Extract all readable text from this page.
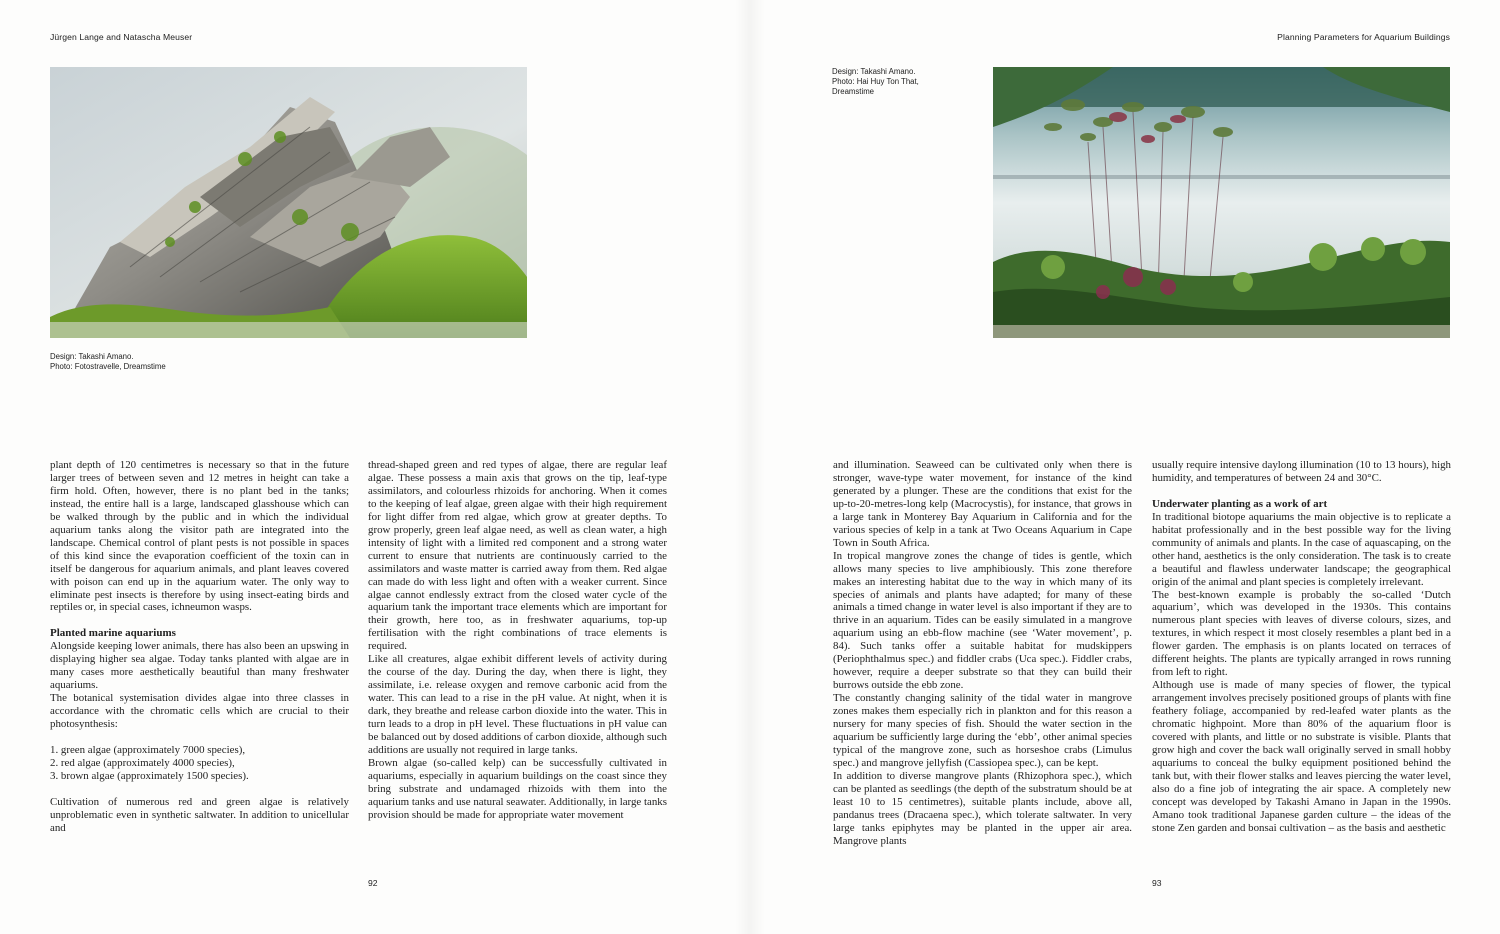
Jürgen Lange and Natascha Meuser
Design: Takashi Amano.
Photo: Fotostravelle, Dreamstime

plant depth of 120 centimetres is necessary so that in the future larger trees of between seven and 12 metres in height can take a firm hold. Often, however, there is no plant bed in the tanks; instead, the entire hall is a large, landscaped glasshouse which can be walked through by the public and in which the individual aquarium tanks along the visitor path are integrated into the landscape. Chemical control of plant pests is not possible in spaces of this kind since the evaporation coefficient of the toxin can in itself be dangerous for aquarium animals, and plant leaves covered with poison can end up in the aquarium water. The only way to eliminate pest insects is therefore by using insect-eating birds and reptiles or, in special cases, ichneumon wasps.

Planted marine aquariums

Alongside keeping lower animals, there has also been an upswing in displaying higher sea algae. Today tanks planted with algae are in many cases more aesthetically beautiful than many freshwater aquariums.

The botanical systemisation divides algae into three classes in accordance with the chromatic cells which are crucial to their photosynthesis:

1. green algae (approximately 7000 species),
2. red algae (approximately 4000 species),
3. brown algae (approximately 1500 species).

Cultivation of numerous red and green algae is relatively unproblematic even in synthetic saltwater. In addition to unicellular and

thread-shaped green and red types of algae, there are regular leaf algae. These possess a main axis that grows on the tip, leaf-type assimilators, and colourless rhizoids for anchoring. When it comes to the keeping of leaf algae, green algae with their high requirement for light differ from red algae, which grow at greater depths. To grow properly, green leaf algae need, as well as clean water, a high intensity of light with a limited red component and a strong water current to ensure that nutrients are continuously carried to the assimilators and waste matter is carried away from them. Red algae can made do with less light and often with a weaker current. Since algae cannot endlessly extract from the closed water cycle of the aquarium tank the important trace elements which are important for their growth, here too, as in freshwater aquariums, top-up fertilisation with the right combinations of trace elements is required.

Like all creatures, algae exhibit different levels of activity during the course of the day. During the day, when there is light, they assimilate, i.e. release oxygen and remove carbonic acid from the water. This can lead to a rise in the pH value. At night, when it is dark, they breathe and release carbon dioxide into the water. This in turn leads to a drop in pH level. These fluctuations in pH value can be balanced out by dosed additions of carbon dioxide, although such additions are usually not required in large tanks.

Brown algae (so-called kelp) can be successfully cultivated in aquariums, especially in aquarium buildings on the coast since they bring substrate and undamaged rhizoids with them into the aquarium tanks and use natural seawater. Additionally, in large tanks provision should be made for appropriate water movement

92
Planning Parameters for Aquarium Buildings
Design: Takashi Amano.
Photo: Hai Huy Ton That,
Dreamstime

and illumination. Seaweed can be cultivated only when there is stronger, wave-type water movement, for instance of the kind generated by a plunger. These are the conditions that exist for the up-to-20-metres-long kelp (Macrocystis), for instance, that grows in a large tank in Monterey Bay Aquarium in California and for the various species of kelp in a tank at Two Oceans Aquarium in Cape Town in South Africa.

In tropical mangrove zones the change of tides is gentle, which allows many species to live amphibiously. This zone therefore makes an interesting habitat due to the way in which many of its species of animals and plants have adapted; for many of these animals a timed change in water level is also important if they are to thrive in an aquarium. Tides can be easily simulated in a mangrove aquarium using an ebb-flow machine (see ‘Water movement’, p. 84). Such tanks offer a suitable habitat for mudskippers (Periophthalmus spec.) and fiddler crabs (Uca spec.). Fiddler crabs, however, require a deeper substrate so that they can build their burrows outside the ebb zone.

The constantly changing salinity of the tidal water in mangrove zones makes them especially rich in plankton and for this reason a nursery for many species of fish. Should the water section in the aquarium be sufficiently large during the ‘ebb’, other animal species typical of the mangrove zone, such as horseshoe crabs (Limulus spec.) and mangrove jellyfish (Cassiopea spec.), can be kept.

In addition to diverse mangrove plants (Rhizophora spec.), which can be planted as seedlings (the depth of the substratum should be at least 10 to 15 centimetres), suitable plants include, above all, pandanus trees (Dracaena spec.), which tolerate saltwater. In very large tanks epiphytes may be planted in the upper air area. Mangrove plants

usually require intensive daylong illumination (10 to 13 hours), high humidity, and temperatures of between 24 and 30°C.

Underwater planting as a work of art

In traditional biotope aquariums the main objective is to replicate a habitat professionally and in the best possible way for the living community of animals and plants. In the case of aquascaping, on the other hand, aesthetics is the only consideration. The task is to create a beautiful and flawless underwater landscape; the geographical origin of the animal and plant species is completely irrelevant.

The best-known example is probably the so-called ‘Dutch aquarium’, which was developed in the 1930s. This contains numerous plant species with leaves of diverse colours, sizes, and textures, in which respect it most closely resembles a plant bed in a flower garden. The emphasis is on plants located on terraces of different heights. The plants are typically arranged in rows running from left to right.

Although use is made of many species of flower, the typical arrangement involves precisely positioned groups of plants with fine feathery foliage, accompanied by red-leafed water plants as the chromatic highpoint. More than 80% of the aquarium floor is covered with plants, and little or no substrate is visible. Plants that grow high and cover the back wall originally served in small hobby aquariums to conceal the bulky equipment positioned behind the tank but, with their flower stalks and leaves piercing the water level, also do a fine job of integrating the air space. A completely new concept was developed by Takashi Amano in Japan in the 1990s. Amano took traditional Japanese garden culture – the ideas of the stone Zen garden and bonsai cultivation – as the basis and aesthetic

93
